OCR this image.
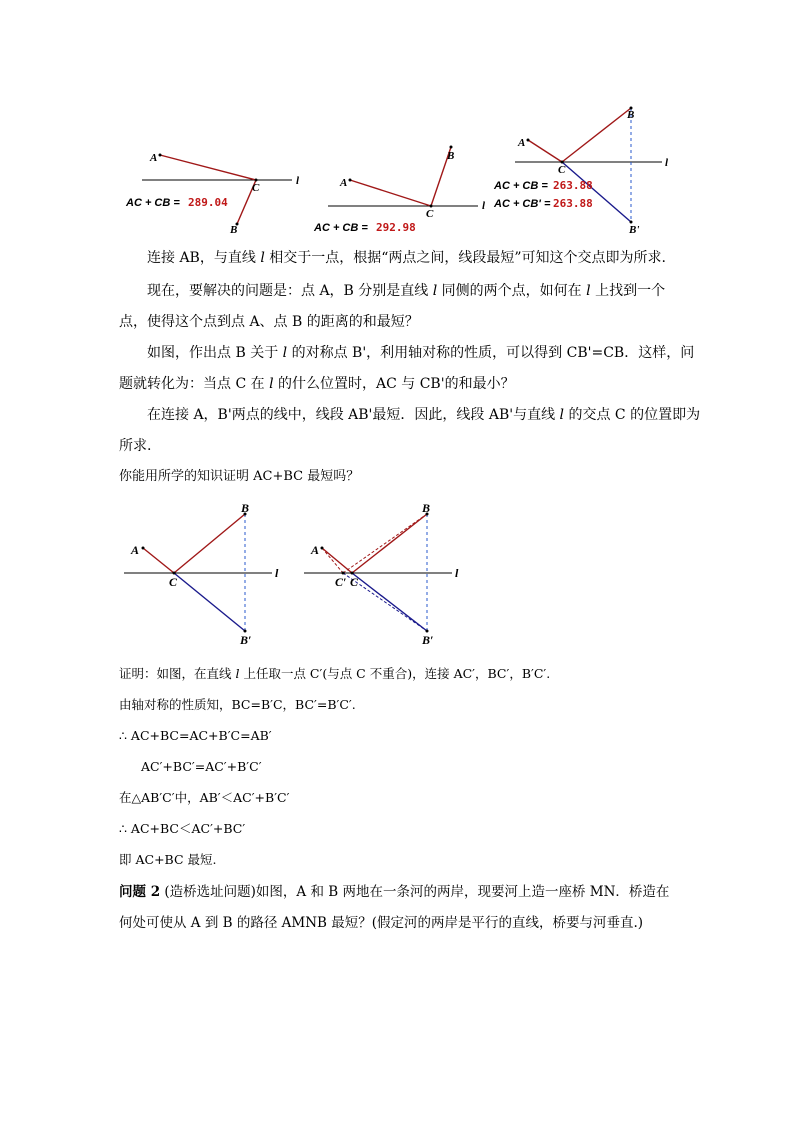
A
B
C
l
AC + CB = 289.04
A
B
C
l
AC + CB = 292.98
A
B
B'
C
l
AC + CB = 263.88
AC + CB' = 263.88
连接 AB，与直线 l 相交于一点，根据“两点之间，线段最短”可知这个交点即为所求.
现在，要解决的问题是：点 A，B 分别是直线 l 同侧的两个点，如何在 l 上找到一个
点，使得这个点到点 A、点 B 的距离的和最短？
如图，作出点 B 关于 l 的对称点 B'，利用轴对称的性质，可以得到 CB'=CB．这样，问
题就转化为：当点 C 在 l 的什么位置时，AC 与 CB'的和最小？
在连接 A，B'两点的线中，线段 AB'最短．因此，线段 AB'与直线 l 的交点 C 的位置即为
所求.
你能用所学的知识证明 AC+BC 最短吗？
A
B
B′
C
l
A
B
B′
C′ C
l
证明：如图，在直线 l 上任取一点 C′(与点 C 不重合)，连接 AC′，BC′，B′C′.
由轴对称的性质知，BC=B′C，BC′=B′C′.
∴ AC+BC=AC+B′C=AB′
AC′+BC′=AC′+B′C′
在△AB′C′中，AB′＜AC′+B′C′
∴ AC+BC＜AC′+BC′
即 AC+BC 最短.
问题 2 (造桥选址问题)如图，A 和 B 两地在一条河的两岸，现要河上造一座桥 MN．桥造在
何处可使从 A 到 B 的路径 AMNB 最短？(假定河的两岸是平行的直线，桥要与河垂直.)
